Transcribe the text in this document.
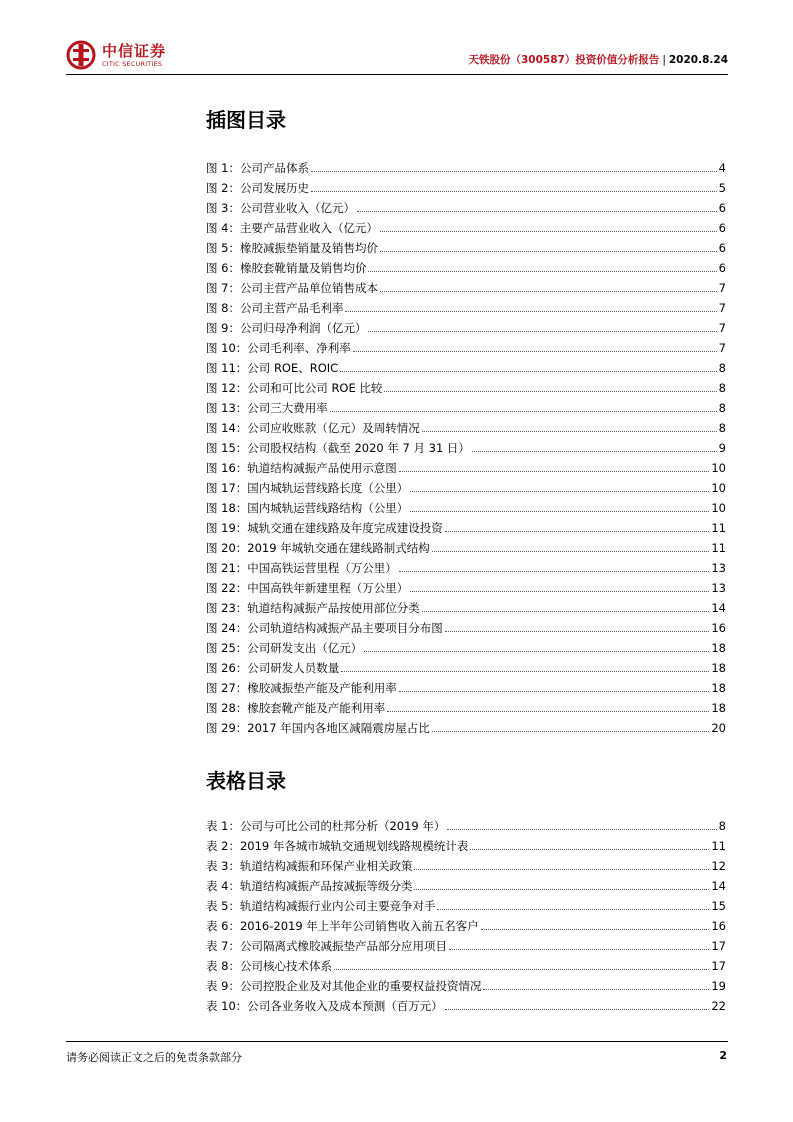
中信证券
CITIC SECURITIES	天铁股份（300587）投资价值分析报告 | 2020.8.24
插图目录
图 1：公司产品体系	4
图 2：公司发展历史	5
图 3：公司营业收入（亿元）	6
图 4：主要产品营业收入（亿元）	6
图 5：橡胶减振垫销量及销售均价	6
图 6：橡胶套靴销量及销售均价	6
图 7：公司主营产品单位销售成本	7
图 8：公司主营产品毛利率	7
图 9：公司归母净利润（亿元）	7
图 10：公司毛利率、净利率	7
图 11：公司 ROE、ROIC	8
图 12：公司和可比公司 ROE 比较	8
图 13：公司三大费用率	8
图 14：公司应收账款（亿元）及周转情况	8
图 15：公司股权结构（截至 2020 年 7 月 31 日）	9
图 16：轨道结构减振产品使用示意图	10
图 17：国内城轨运营线路长度（公里）	10
图 18：国内城轨运营线路结构（公里）	10
图 19：城轨交通在建线路及年度完成建设投资	11
图 20：2019 年城轨交通在建线路制式结构	11
图 21：中国高铁运营里程（万公里）	13
图 22：中国高铁年新建里程（万公里）	13
图 23：轨道结构减振产品按使用部位分类	14
图 24：公司轨道结构减振产品主要项目分布图	16
图 25：公司研发支出（亿元）	18
图 26：公司研发人员数量	18
图 27：橡胶减振垫产能及产能利用率	18
图 28：橡胶套靴产能及产能利用率	18
图 29：2017 年国内各地区减隔震房屋占比	20
表格目录
表 1：公司与可比公司的杜邦分析（2019 年）	8
表 2：2019 年各城市城轨交通规划线路规模统计表	11
表 3：轨道结构减振和环保产业相关政策	12
表 4：轨道结构减振产品按减振等级分类	14
表 5：轨道结构减振行业内公司主要竞争对手	15
表 6：2016-2019 年上半年公司销售收入前五名客户	16
表 7：公司隔离式橡胶减振垫产品部分应用项目	17
表 8：公司核心技术体系	17
表 9：公司控股企业及对其他企业的重要权益投资情况	19
表 10：公司各业务收入及成本预测（百万元）	22
请务必阅读正文之后的免责条款部分	2
